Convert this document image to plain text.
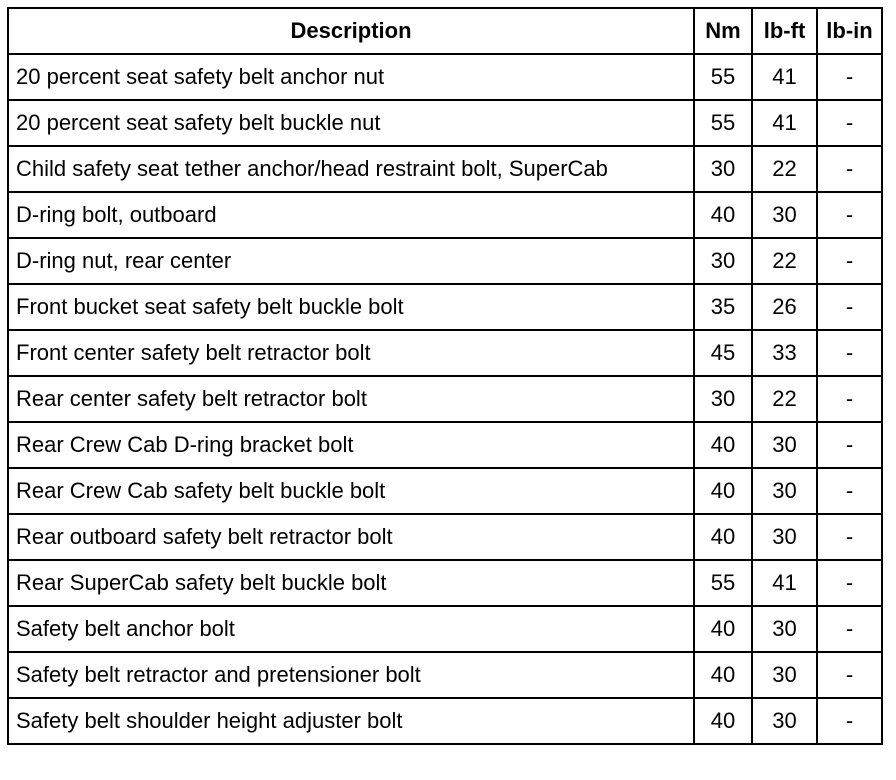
Description	Nm	lb-ft	lb-in
20 percent seat safety belt anchor nut	55	41	-
20 percent seat safety belt buckle nut	55	41	-
Child safety seat tether anchor/head restraint bolt, SuperCab	30	22	-
D-ring bolt, outboard	40	30	-
D-ring nut, rear center	30	22	-
Front bucket seat safety belt buckle bolt	35	26	-
Front center safety belt retractor bolt	45	33	-
Rear center safety belt retractor bolt	30	22	-
Rear Crew Cab D-ring bracket bolt	40	30	-
Rear Crew Cab safety belt buckle bolt	40	30	-
Rear outboard safety belt retractor bolt	40	30	-
Rear SuperCab safety belt buckle bolt	55	41	-
Safety belt anchor bolt	40	30	-
Safety belt retractor and pretensioner bolt	40	30	-
Safety belt shoulder height adjuster bolt	40	30	-
